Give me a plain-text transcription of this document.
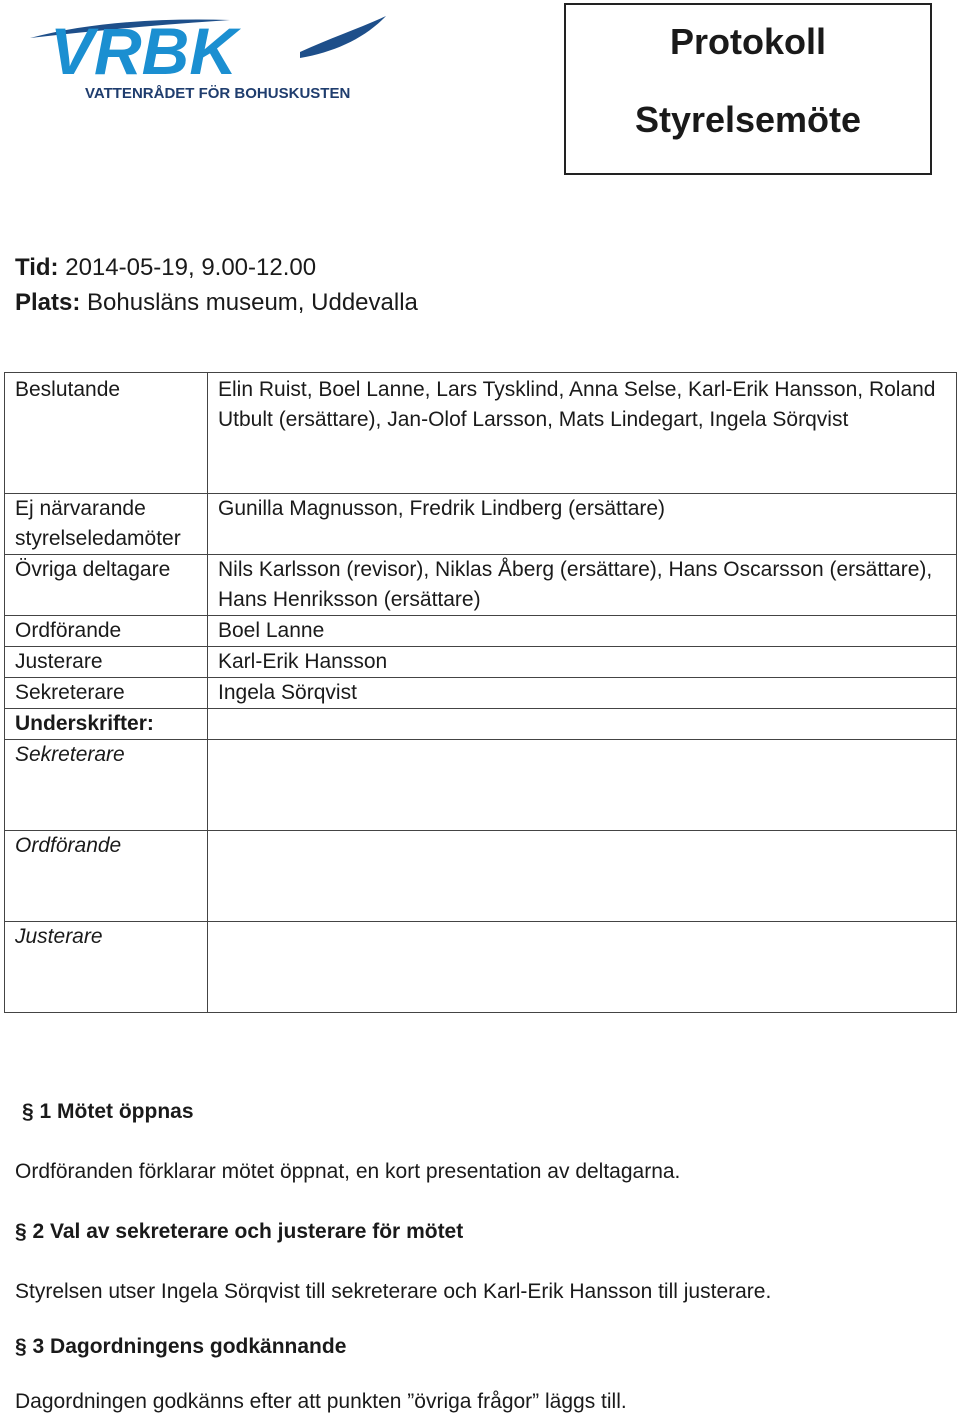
VRBK
VATTENRÅDET FÖR BOHUSKUSTEN
Protokoll
Styrelsemöte
Tid: 2014-05-19, 9.00-12.00
Plats: Bohusläns museum, Uddevalla
Beslutande	Elin Ruist, Boel Lanne, Lars Tysklind, Anna Selse, Karl-Erik Hansson, Roland Utbult (ersättare), Jan-Olof Larsson, Mats Lindegart, Ingela Sörqvist
Ej närvarande styrelseledamöter	Gunilla Magnusson, Fredrik Lindberg (ersättare)
Övriga deltagare	Nils Karlsson (revisor), Niklas Åberg (ersättare), Hans Oscarsson (ersättare), Hans Henriksson (ersättare)
Ordförande	Boel Lanne
Justerare	Karl-Erik Hansson
Sekreterare	Ingela Sörqvist
Underskrifter:	
Sekreterare	
Ordförande	
Justerare	
§ 1 Mötet öppnas
Ordföranden förklarar mötet öppnat, en kort presentation av deltagarna.
§ 2 Val av sekreterare och justerare för mötet
Styrelsen utser Ingela Sörqvist till sekreterare och Karl-Erik Hansson till justerare.
§ 3 Dagordningens godkännande
Dagordningen godkänns efter att punkten ”övriga frågor” läggs till.
